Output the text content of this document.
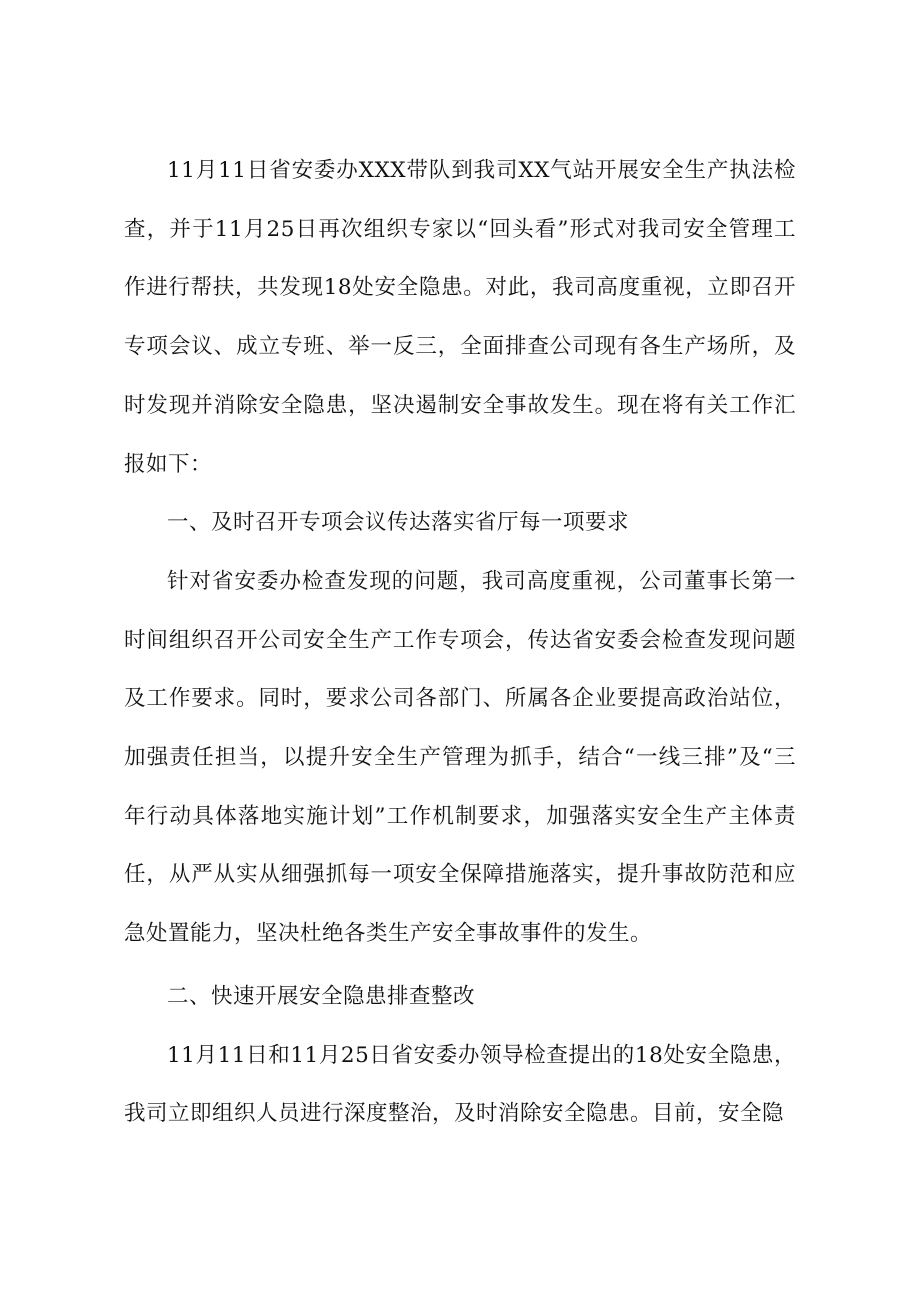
11月11日省安委办XXX带队到我司XX气站开展安全生产执法检查，并于11月25日再次组织专家以“回头看”形式对我司安全管理工作进行帮扶，共发现18处安全隐患。对此，我司高度重视，立即召开专项会议、成立专班、举一反三，全面排查公司现有各生产场所，及时发现并消除安全隐患，坚决遏制安全事故发生。现在将有关工作汇报如下：

一、及时召开专项会议传达落实省厅每一项要求

针对省安委办检查发现的问题，我司高度重视，公司董事长第一时间组织召开公司安全生产工作专项会，传达省安委会检查发现问题及工作要求。同时，要求公司各部门、所属各企业要提高政治站位，加强责任担当，以提升安全生产管理为抓手，结合“一线三排”及“三年行动具体落地实施计划”工作机制要求，加强落实安全生产主体责任，从严从实从细强抓每一项安全保障措施落实，提升事故防范和应急处置能力，坚决杜绝各类生产安全事故事件的发生。

二、快速开展安全隐患排查整改

11月11日和11月25日省安委办领导检查提出的18处安全隐患，我司立即组织人员进行深度整治，及时消除安全隐患。目前，安全隐
